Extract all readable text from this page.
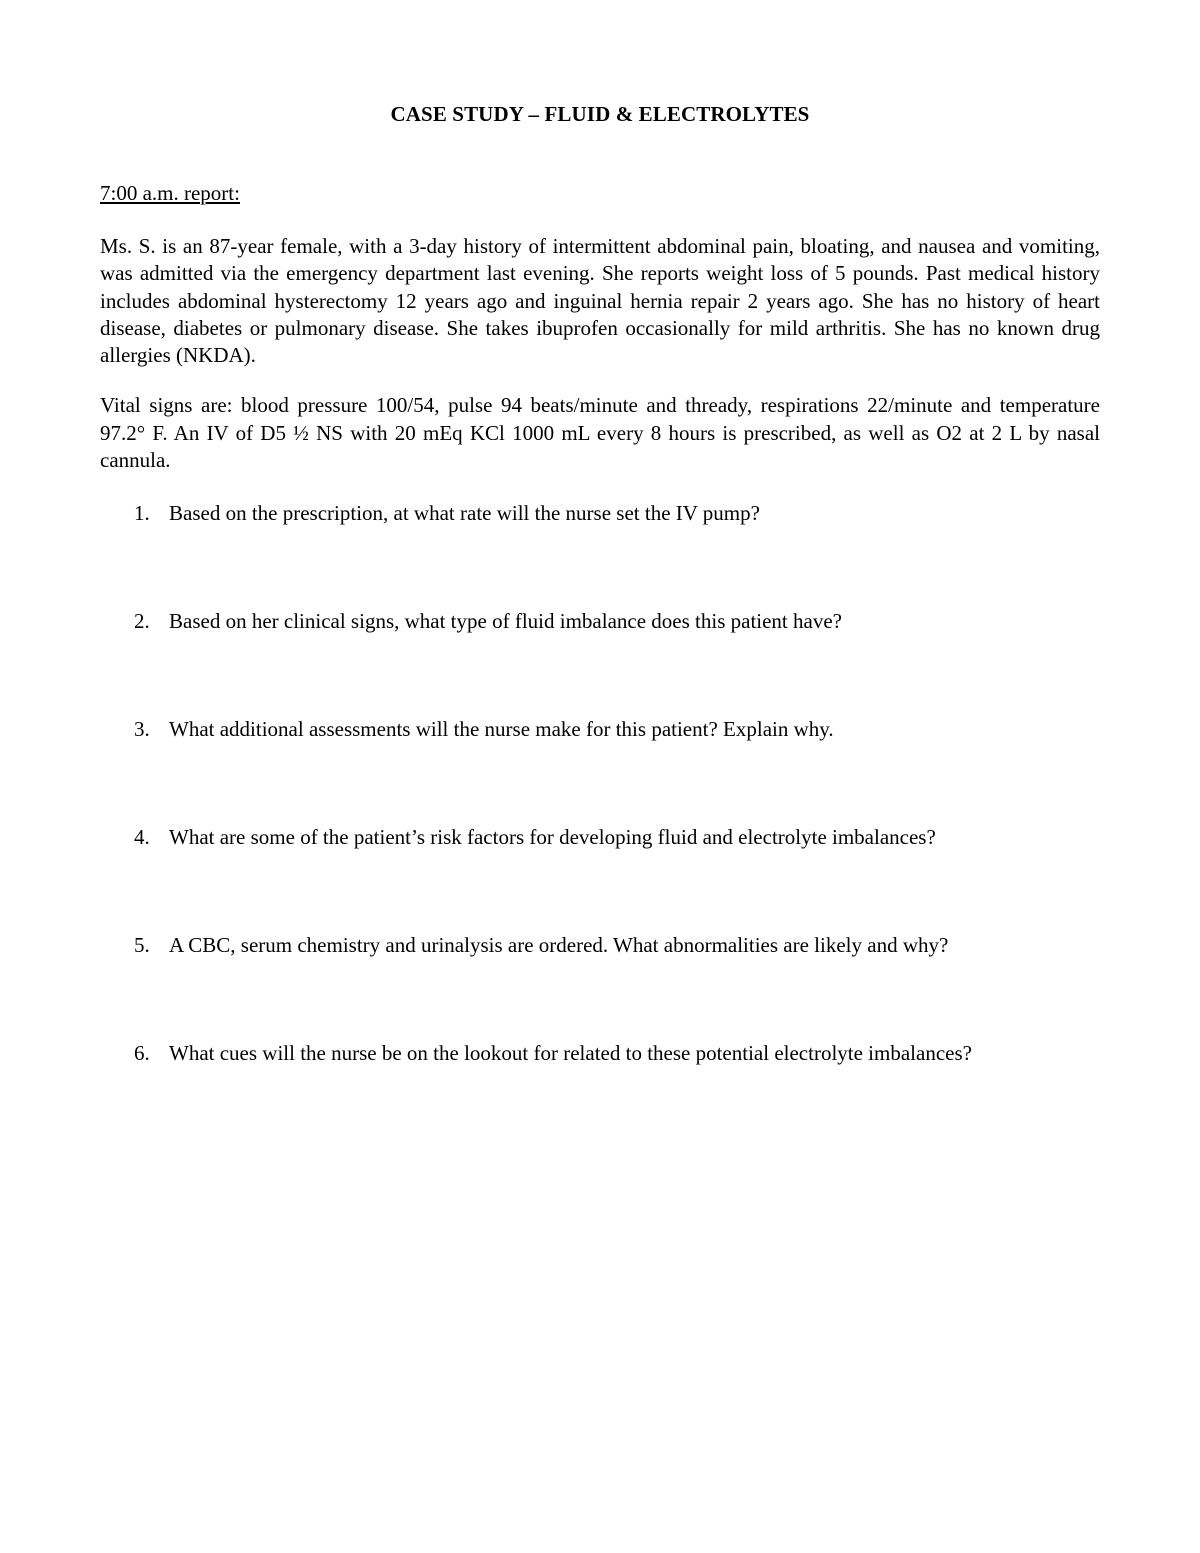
CASE STUDY – FLUID & ELECTROLYTES

7:00 a.m. report:

Ms. S. is an 87-year female, with a 3-day history of intermittent abdominal pain, bloating, and nausea and vomiting, was admitted via the emergency department last evening. She reports weight loss of 5 pounds. Past medical history includes abdominal hysterectomy 12 years ago and inguinal hernia repair 2 years ago. She has no history of heart disease, diabetes or pulmonary disease. She takes ibuprofen occasionally for mild arthritis. She has no known drug allergies (NKDA).

Vital signs are: blood pressure 100/54, pulse 94 beats/minute and thready, respirations 22/minute and temperature 97.2° F. An IV of D5 ½ NS with 20 mEq KCl 1000 mL every 8 hours is prescribed, as well as O2 at 2 L by nasal cannula.

1. Based on the prescription, at what rate will the nurse set the IV pump?
2. Based on her clinical signs, what type of fluid imbalance does this patient have?
3. What additional assessments will the nurse make for this patient? Explain why.
4. What are some of the patient’s risk factors for developing fluid and electrolyte imbalances?
5. A CBC, serum chemistry and urinalysis are ordered. What abnormalities are likely and why?
6. What cues will the nurse be on the lookout for related to these potential electrolyte imbalances?
